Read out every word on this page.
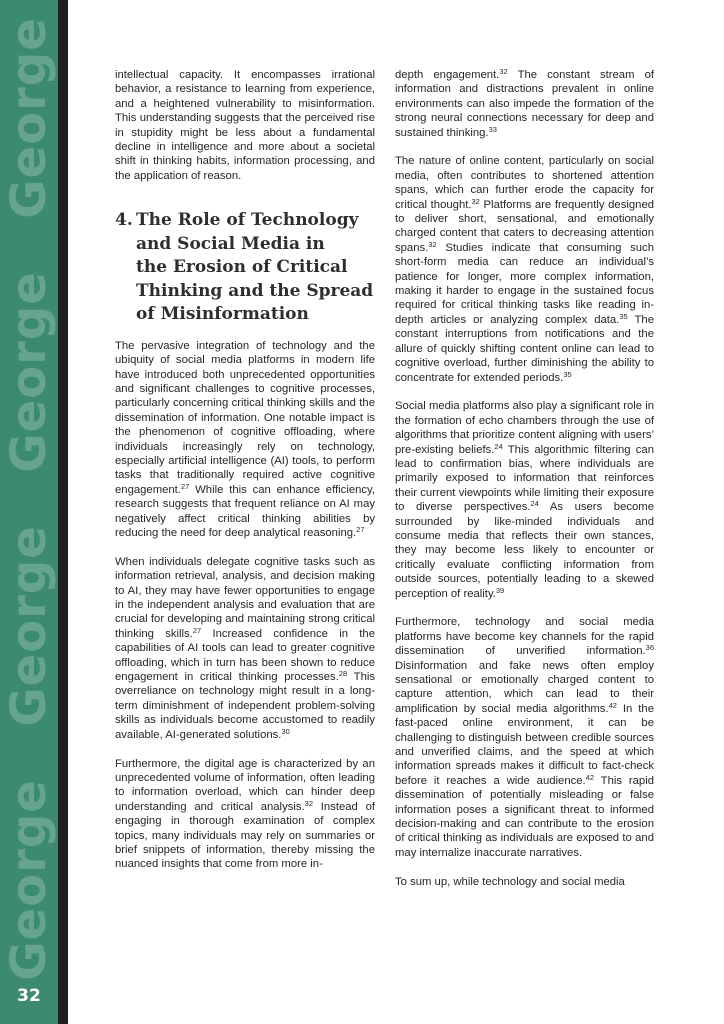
George
George
George
George
32

intellectual capacity. It encompasses irrational behavior, a resistance to learning from experience, and a heightened vulnerability to misinformation. This understanding suggests that the perceived rise in stupidity might be less about a fundamental decline in intelligence and more about a societal shift in thinking habits, information processing, and the application of reason.

4. The Role of Technology
and Social Media in
the Erosion of Critical
Thinking and the Spread
of Misinformation

The pervasive integration of technology and the ubiquity of social media platforms in modern life have introduced both unprecedented opportunities and significant challenges to cognitive processes, particularly concerning critical thinking skills and the dissemination of information. One notable impact is the phenomenon of cognitive offloading, where individuals increasingly rely on technology, especially artificial intelligence (AI) tools, to perform tasks that traditionally required active cognitive engagement.$^{27}$ While this can enhance efficiency, research suggests that frequent reliance on AI may negatively affect critical thinking abilities by reducing the need for deep analytical reasoning.$^{27}$

When individuals delegate cognitive tasks such as information retrieval, analysis, and decision making to AI, they may have fewer opportunities to engage in the independent analysis and evaluation that are crucial for developing and maintaining strong critical thinking skills.$^{27}$ Increased confidence in the capabilities of AI tools can lead to greater cognitive offloading, which in turn has been shown to reduce engagement in critical thinking processes.$^{28}$ This overreliance on technology might result in a long-term diminishment of independent problem-solving skills as individuals become accustomed to readily available, AI-generated solutions.$^{30}$

Furthermore, the digital age is characterized by an unprecedented volume of information, often leading to information overload, which can hinder deep understanding and critical analysis.$^{32}$ Instead of engaging in thorough examination of complex topics, many individuals may rely on summaries or brief snippets of information, thereby missing the nuanced insights that come from more in-

depth engagement.$^{32}$ The constant stream of information and distractions prevalent in online environments can also impede the formation of the strong neural connections necessary for deep and sustained thinking.$^{33}$

The nature of online content, particularly on social media, often contributes to shortened attention spans, which can further erode the capacity for critical thought.$^{32}$ Platforms are frequently designed to deliver short, sensational, and emotionally charged content that caters to decreasing attention spans.$^{32}$ Studies indicate that consuming such short-form media can reduce an individual’s patience for longer, more complex information, making it harder to engage in the sustained focus required for critical thinking tasks like reading in-depth articles or analyzing complex data.$^{35}$ The constant interruptions from notifications and the allure of quickly shifting content online can lead to cognitive overload, further diminishing the ability to concentrate for extended periods.$^{35}$

Social media platforms also play a significant role in the formation of echo chambers through the use of algorithms that prioritize content aligning with users’ pre-existing beliefs.$^{24}$ This algorithmic filtering can lead to confirmation bias, where individuals are primarily exposed to information that reinforces their current viewpoints while limiting their exposure to diverse perspectives.$^{24}$ As users become surrounded by like-minded individuals and consume media that reflects their own stances, they may become less likely to encounter or critically evaluate conflicting information from outside sources, potentially leading to a skewed perception of reality.$^{39}$

Furthermore, technology and social media platforms have become key channels for the rapid dissemination of unverified information.$^{36}$ Disinformation and fake news often employ sensational or emotionally charged content to capture attention, which can lead to their amplification by social media algorithms.$^{42}$ In the fast-paced online environment, it can be challenging to distinguish between credible sources and unverified claims, and the speed at which information spreads makes it difficult to fact-check before it reaches a wide audience.$^{42}$ This rapid dissemination of potentially misleading or false information poses a significant threat to informed decision-making and can contribute to the erosion of critical thinking as individuals are exposed to and may internalize inaccurate narratives.

To sum up, while technology and social media
